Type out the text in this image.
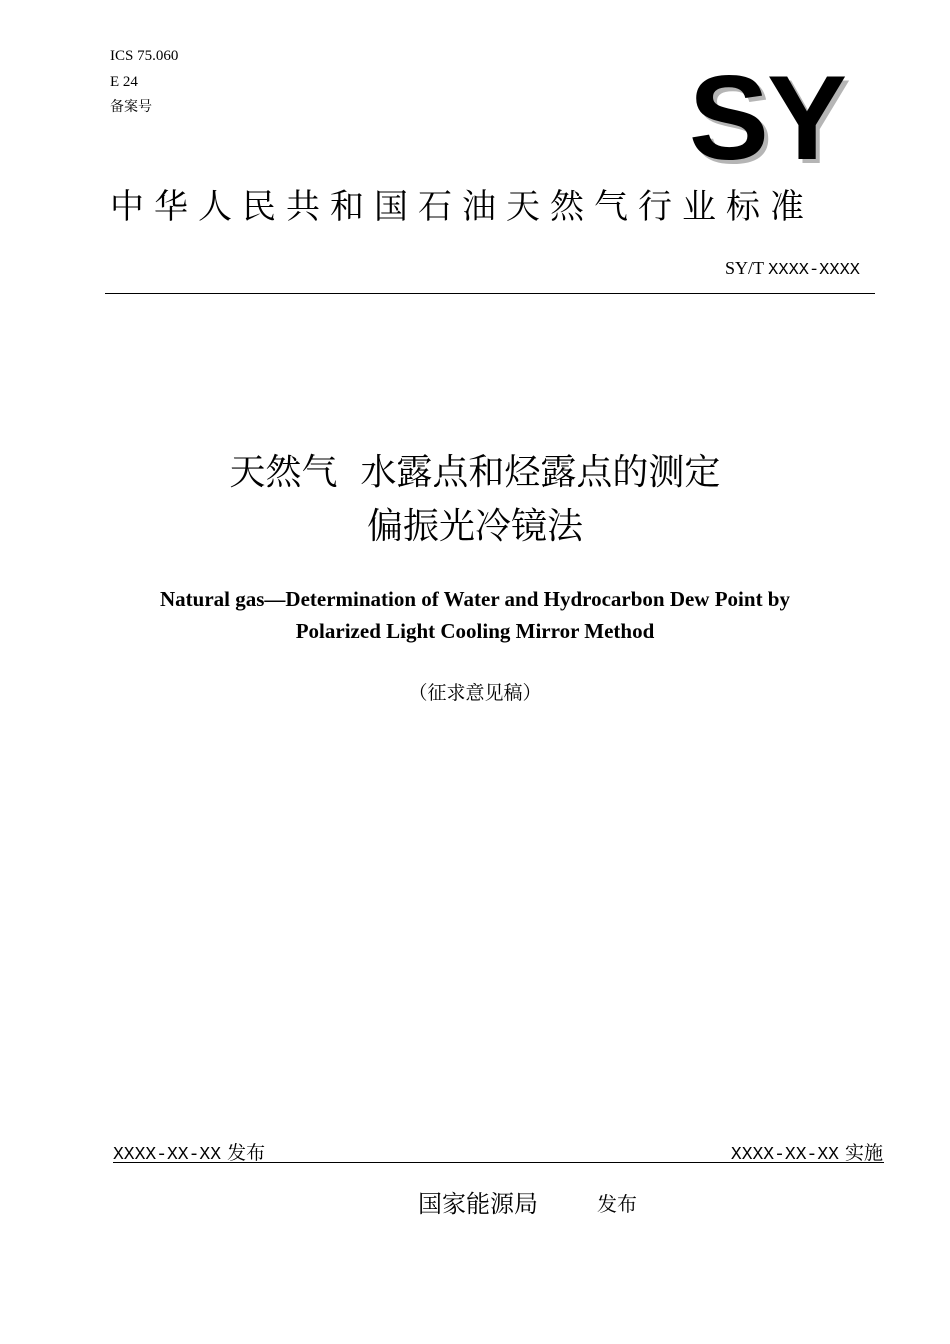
ICS 75.060
E 24
备案号	SY
中华人民共和国石油天然气行业标准
SY/T XXXX-XXXX
天然气  水露点和烃露点的测定
偏振光冷镜法
Natural gas—Determination of Water and Hydrocarbon Dew Point by
Polarized Light Cooling Mirror Method
（征求意见稿）
XXXX-XX-XX 发布	XXXX-XX-XX 实施
国家能源局	发布
